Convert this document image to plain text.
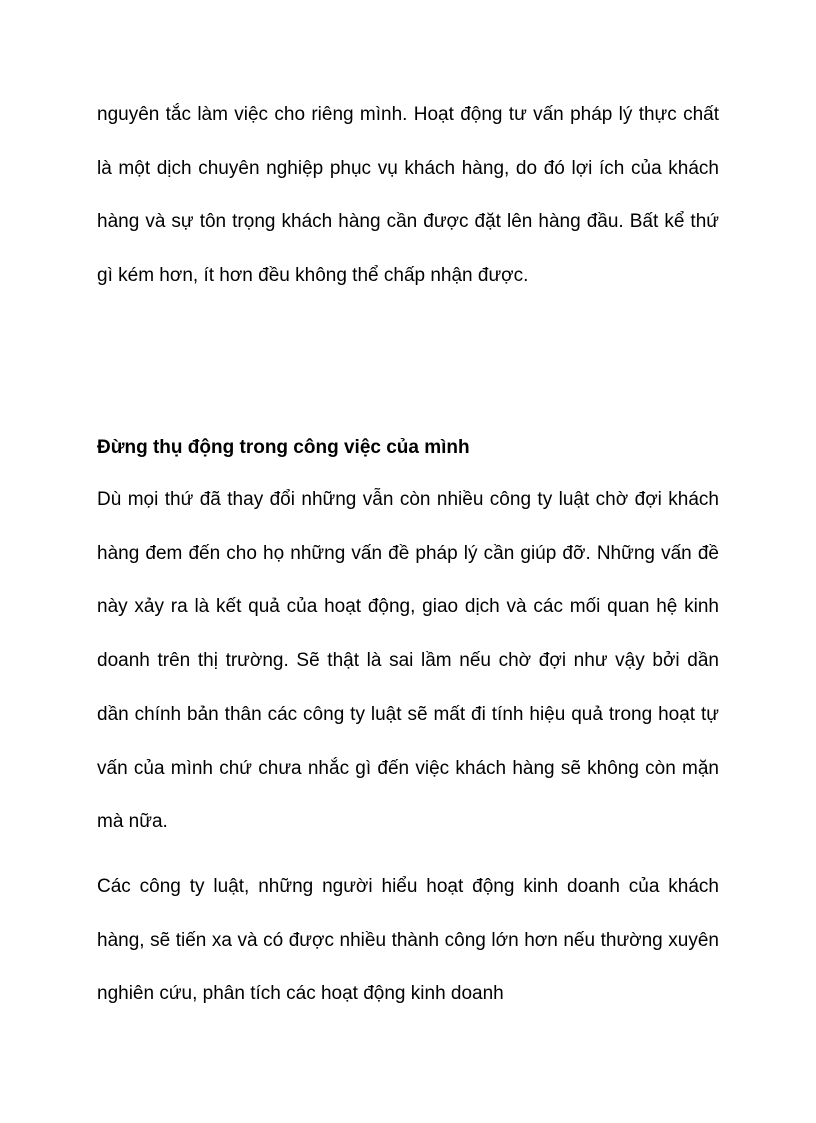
nguyên tắc làm việc cho riêng mình. Hoạt động tư vấn pháp lý thực chất là một dịch chuyên nghiệp phục vụ khách hàng, do đó lợi ích của khách hàng và sự tôn trọng khách hàng cần được đặt lên hàng đầu. Bất kể thứ gì kém hơn, ít hơn đều không thể chấp nhận được.

Đừng thụ động trong công việc của mình

Dù mọi thứ đã thay đổi những vẫn còn nhiều công ty luật chờ đợi khách hàng đem đến cho họ những vấn đề pháp lý cần giúp đỡ. Những vấn đề này xảy ra là kết quả của hoạt động, giao dịch và các mối quan hệ kinh doanh trên thị trường. Sẽ thật là sai lầm nếu chờ đợi như vậy bởi dần dần chính bản thân các công ty luật sẽ mất đi tính hiệu quả trong hoạt tự vấn của mình chứ chưa nhắc gì đến việc khách hàng sẽ không còn mặn mà nữa.

Các công ty luật, những người hiểu hoạt động kinh doanh của khách hàng, sẽ tiến xa và có được nhiều thành công lớn hơn nếu thường xuyên nghiên cứu, phân tích các hoạt động kinh doanh
